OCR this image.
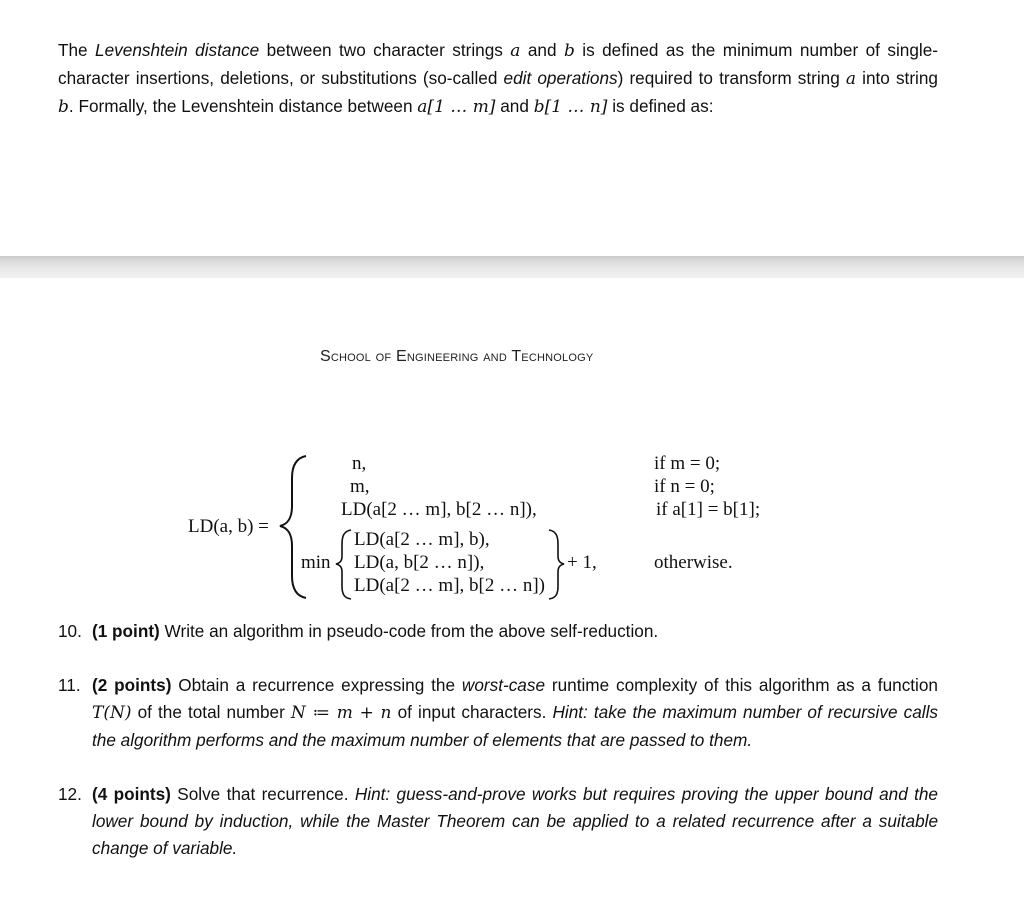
The Levenshtein distance between two character strings a and b is defined as the minimum number of single-character insertions, deletions, or substitutions (so-called edit operations) required to transform string a into string b. Formally, the Levenshtein distance between a[1 … m] and b[1 … n] is defined as:

School of Engineering and Technology

LD(a, b) =
n,
m,
LD(a[2 … m], b[2 … n]),
min
LD(a[2 … m], b),
LD(a, b[2 … n]),
LD(a[2 … m], b[2 … n])
+ 1,
if m = 0;
if n = 0;
if a[1] = b[1];
otherwise.
10. (1 point) Write an algorithm in pseudo-code from the above self-reduction.
11. (2 points) Obtain a recurrence expressing the worst-case runtime complexity of this algorithm as a function T(N) of the total number N ≔ m + n of input characters. Hint: take the maximum number of recursive calls the algorithm performs and the maximum number of elements that are passed to them.
12. (4 points) Solve that recurrence. Hint: guess-and-prove works but requires proving the upper bound and the lower bound by induction, while the Master Theorem can be applied to a related recurrence after a suitable change of variable.
